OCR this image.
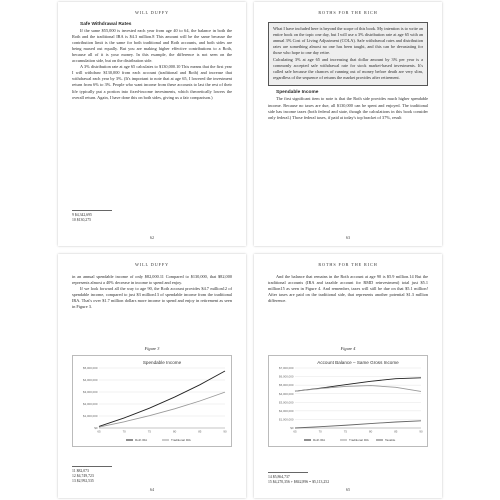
WILL DUFFY

Safe Withdrawal Rates

If the same $55,000 is invested each year from age 40 to 64, the balance in both the Roth and the traditional IRA is $4.3 million.8 This amount will be the same because the contribution limit is the same for both traditional and Roth accounts, and both sides are being maxed out equally. But you are making higher effective contributions to a Roth, because all of it is your money. In this example, the difference is not seen on the accumulation side, but on the distribution side.

A 3% distribution rate at age 65 calculates to $130,000.10 This means that the first year I will withdraw $130,000 from each account (traditional and Roth) and increase that withdrawal each year by 3%. (It's important to note that at age 65, I lowered the investment return from 6% to 3%. People who want income from these accounts to last the rest of their life typically put a portion into fixed-income investments, which theoretically lowers the overall return. Again, I have done this on both sides, giving us a fair comparison.)

9 $4,342,695
10 $130,275
62
ROTHS FOR THE RICH

What I have included here is beyond the scope of this book. My intention is to write an entire book on the topic one day, but I will use a 3% distribution rate at age 65 with an annual 3% Cost of Living Adjustment (COLA). Safe withdrawal rates and distribution rates are something almost no one has been taught, and this can be devastating for those who hope to one day retire.

Calculating 3% at age 65 and increasing that dollar amount by 3% per year is a commonly accepted safe withdrawal rate for stock market-based investments. It's called safe because the chances of running out of money before death are very slim, regardless of the sequence of returns the market provides after retirement.

Spendable Income

The first significant item to note is that the Roth side provides much higher spendable income. Because no taxes are due, all $130,000 can be spent and enjoyed. The traditional side has income taxes (both federal and state, though the calculations in this book consider only federal.) Those federal taxes, if paid at today's top bracket of 37%, result

63
WILL DUFFY

in an annual spendable income of only $82,000.11 Compared to $130,000, that $82,000 represents almost a 40% decrease in income to spend and enjoy.

If we look forward all the way to age 90, the Roth account provides $4.7 million12 of spendable income, compared to just $3 million13 of spendable income from the traditional IRA. That's over $1.7 million dollars more income to spend and enjoy in retirement as seen in Figure 3.

Figure 3
Spendable Income
$0
$1,000,000
$2,000,000
$3,000,000
$4,000,000
$5,000,000
65	70	75	80	85	90
Roth IRA	Traditional IRA
11 $82,073
12 $4,749,723
13 $2,992,535
64
ROTHS FOR THE RICH

And the balance that remains in the Roth account at age 90 is $5.9 million.14 But the traditional accounts (IRA and taxable account for RMD reinvestment) total just $5.1 million15 as seen in Figure 4. And remember, taxes will still be due on that $5.1 million! After taxes are paid on the traditional side, that represents another potential $1.3 million difference.

Figure 4
Account Balance – Same Gross Income
$0
$1,000,000
$2,000,000
$3,000,000
$4,000,000
$5,000,000
$6,000,000
$7,000,000
65	70	75	80	85	90
Roth IRA	Traditional IRA	Taxable
14 $5,864,737
15 $4,270,356 + $842,896 = $5,113,252
65
